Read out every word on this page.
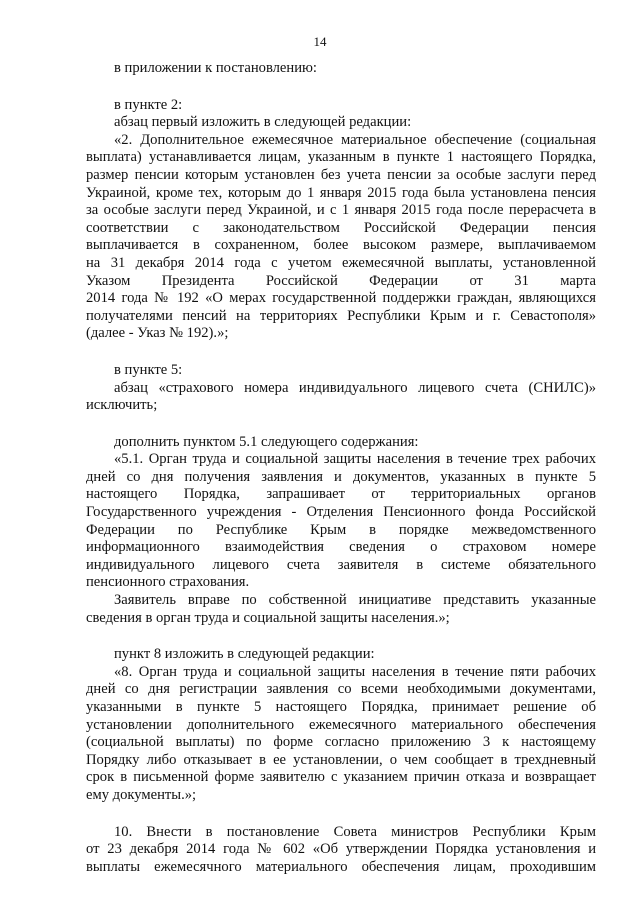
14
в приложении к постановлению:
в пункте 2:
абзац первый изложить в следующей редакции:
«2. Дополнительное ежемесячное материальное обеспечение (социальная
выплата) устанавливается лицам, указанным в пункте 1 настоящего Порядка,
размер пенсии которым установлен без учета пенсии за особые заслуги перед
Украиной, кроме тех, которым до 1 января 2015 года была установлена пенсия
за особые заслуги перед Украиной, и с 1 января 2015 года после перерасчета в
соответствии с законодательством Российской Федерации пенсия
выплачивается в сохраненном, более высоком размере, выплачиваемом
на 31 декабря 2014 года с учетом ежемесячной выплаты, установленной
Указом Президента Российской Федерации от 31 марта
2014 года № 192 «О мерах государственной поддержки граждан, являющихся
получателями пенсий на территориях Республики Крым и г. Севастополя»
(далее - Указ № 192).»;
в пункте 5:
абзац «страхового номера индивидуального лицевого счета (СНИЛС)»
исключить;
дополнить пунктом 5.1 следующего содержания:
«5.1. Орган труда и социальной защиты населения в течение трех рабочих
дней со дня получения заявления и документов, указанных в пункте 5
настоящего Порядка, запрашивает от территориальных органов
Государственного учреждения - Отделения Пенсионного фонда Российской
Федерации по Республике Крым в порядке межведомственного
информационного взаимодействия сведения о страховом номере
индивидуального лицевого счета заявителя в системе обязательного
пенсионного страхования.
Заявитель вправе по собственной инициативе представить указанные
сведения в орган труда и социальной защиты населения.»;
пункт 8 изложить в следующей редакции:
«8. Орган труда и социальной защиты населения в течение пяти рабочих
дней со дня регистрации заявления со всеми необходимыми документами,
указанными в пункте 5 настоящего Порядка, принимает решение об
установлении дополнительного ежемесячного материального обеспечения
(социальной выплаты) по форме согласно приложению 3 к настоящему
Порядку либо отказывает в ее установлении, о чем сообщает в трехдневный
срок в письменной форме заявителю с указанием причин отказа и возвращает
ему документы.»;
10. Внести в постановление Совета министров Республики Крым
от 23 декабря 2014 года № 602 «Об утверждении Порядка установления и
выплаты ежемесячного материального обеспечения лицам, проходившим
